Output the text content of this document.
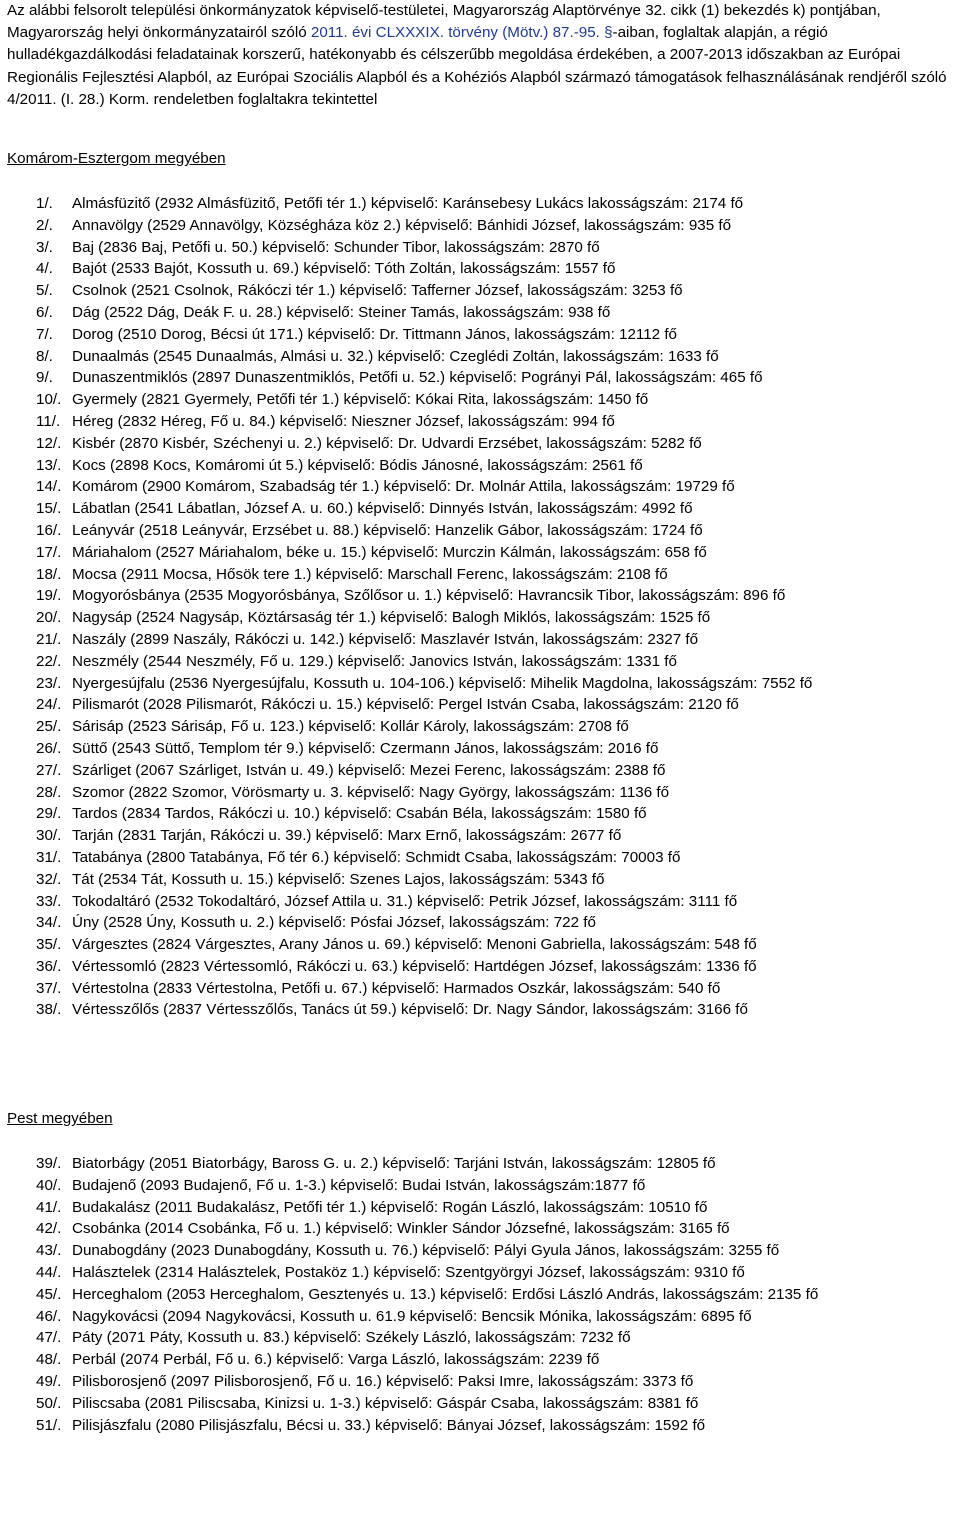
Az alábbi felsorolt települési önkormányzatok képviselő-testületei, Magyarország Alaptörvénye 32. cikk (1) bekezdés k) pontjában, Magyarország helyi önkormányzatairól szóló 2011. évi CLXXXIX. törvény (Mötv.) 87.-95. §-aiban, foglaltak alapján, a régió hulladékgazdálkodási feladatainak korszerű, hatékonyabb és célszerűbb megoldása érdekében, a 2007-2013 időszakban az Európai Regionális Fejlesztési Alapból, az Európai Szociális Alapból és a Kohéziós Alapból származó támogatások felhasználásának rendjéről szóló 4/2011. (I. 28.) Korm. rendeletben foglaltakra tekintettel
Komárom-Esztergom megyében
1/. Almásfüzitő (2932 Almásfüzitő, Petőfi tér 1.) képviselő: Karánsebesy Lukács lakosságszám: 2174 fő
2/. Annavölgy (2529 Annavölgy, Községháza köz 2.) képviselő: Bánhidi József, lakosságszám: 935 fő
3/. Baj (2836 Baj, Petőfi u. 50.) képviselő: Schunder Tibor, lakosságszám: 2870 fő
4/. Bajót (2533 Bajót, Kossuth u. 69.) képviselő: Tóth Zoltán, lakosságszám: 1557 fő
5/. Csolnok (2521 Csolnok, Rákóczi tér 1.) képviselő: Tafferner József, lakosságszám: 3253 fő
6/. Dág (2522 Dág, Deák F. u. 28.) képviselő: Steiner Tamás, lakosságszám: 938 fő
7/. Dorog (2510 Dorog, Bécsi út 171.) képviselő: Dr. Tittmann János, lakosságszám: 12112 fő
8/. Dunaalmás (2545 Dunaalmás, Almási u. 32.) képviselő: Czeglédi Zoltán, lakosságszám: 1633 fő
9/. Dunaszentmiklós (2897 Dunaszentmiklós, Petőfi u. 52.) képviselő: Pogrányi Pál, lakosságszám: 465 fő
10/. Gyermely (2821 Gyermely, Petőfi tér 1.) képviselő: Kókai Rita, lakosságszám: 1450 fő
11/. Héreg (2832 Héreg, Fő u. 84.) képviselő: Nieszner József, lakosságszám: 994 fő
12/. Kisbér (2870 Kisbér, Széchenyi u. 2.) képviselő: Dr. Udvardi Erzsébet, lakosságszám: 5282 fő
13/. Kocs (2898 Kocs, Komáromi út 5.) képviselő: Bódis Jánosné, lakosságszám: 2561 fő
14/. Komárom (2900 Komárom, Szabadság tér 1.) képviselő: Dr. Molnár Attila, lakosságszám: 19729 fő
15/. Lábatlan (2541 Lábatlan, József A. u. 60.) képviselő: Dinnyés István, lakosságszám: 4992 fő
16/. Leányvár (2518 Leányvár, Erzsébet u. 88.) képviselő: Hanzelik Gábor, lakosságszám: 1724 fő
17/. Máriahalom (2527 Máriahalom, béke u. 15.) képviselő: Murczin Kálmán, lakosságszám: 658 fő
18/. Mocsa (2911 Mocsa, Hősök tere 1.) képviselő: Marschall Ferenc, lakosságszám: 2108 fő
19/. Mogyorósbánya (2535 Mogyorósbánya, Szőlősor u. 1.) képviselő: Havrancsik Tibor, lakosságszám: 896 fő
20/. Nagysáp (2524 Nagysáp, Köztársaság tér 1.) képviselő: Balogh Miklós, lakosságszám: 1525 fő
21/. Naszály (2899 Naszály, Rákóczi u. 142.) képviselő: Maszlavér István, lakosságszám: 2327 fő
22/. Neszmély (2544 Neszmély, Fő u. 129.) képviselő: Janovics István, lakosságszám: 1331 fő
23/. Nyergesújfalu (2536 Nyergesújfalu, Kossuth u. 104-106.) képviselő: Mihelik Magdolna, lakosságszám: 7552 fő
24/. Pilismarót (2028 Pilismarót, Rákóczi u. 15.) képviselő: Pergel István Csaba, lakosságszám: 2120 fő
25/. Sárisáp (2523 Sárisáp, Fő u. 123.) képviselő: Kollár Károly, lakosságszám: 2708 fő
26/. Süttő (2543 Süttő, Templom tér 9.) képviselő: Czermann János, lakosságszám: 2016 fő
27/. Szárliget (2067 Szárliget, István u. 49.) képviselő: Mezei Ferenc, lakosságszám: 2388 fő
28/. Szomor (2822 Szomor, Vörösmarty u. 3. képviselő: Nagy György, lakosságszám: 1136 fő
29/. Tardos (2834 Tardos, Rákóczi u. 10.) képviselő: Csabán Béla, lakosságszám: 1580 fő
30/. Tarján (2831 Tarján, Rákóczi u. 39.) képviselő: Marx Ernő, lakosságszám: 2677 fő
31/. Tatabánya (2800 Tatabánya, Fő tér 6.) képviselő: Schmidt Csaba, lakosságszám: 70003 fő
32/. Tát (2534 Tát, Kossuth u. 15.) képviselő: Szenes Lajos, lakosságszám: 5343 fő
33/. Tokodaltáró (2532 Tokodaltáró, József Attila u. 31.) képviselő: Petrik József, lakosságszám: 3111 fő
34/. Úny (2528 Úny, Kossuth u. 2.) képviselő: Pósfai József, lakosságszám: 722 fő
35/. Várgesztes (2824 Várgesztes, Arany János u. 69.) képviselő: Menoni Gabriella, lakosságszám: 548 fő
36/. Vértessomló (2823 Vértessomló, Rákóczi u. 63.) képviselő: Hartdégen József, lakosságszám: 1336 fő
37/. Vértestolna (2833 Vértestolna, Petőfi u. 67.) képviselő: Harmados Oszkár, lakosságszám: 540 fő
38/. Vértesszőlős (2837 Vértesszőlős, Tanács út 59.) képviselő: Dr. Nagy Sándor, lakosságszám: 3166 fő
Pest megyében
39/. Biatorbágy (2051 Biatorbágy, Baross G. u. 2.) képviselő: Tarjáni István, lakosságszám: 12805 fő
40/. Budajenő (2093 Budajenő, Fő u. 1-3.) képviselő: Budai István, lakosságszám:1877 fő
41/. Budakalász (2011 Budakalász, Petőfi tér 1.) képviselő: Rogán László, lakosságszám: 10510 fő
42/. Csobánka (2014 Csobánka, Fő u. 1.) képviselő: Winkler Sándor Józsefné, lakosságszám: 3165 fő
43/. Dunabogdány (2023 Dunabogdány, Kossuth u. 76.) képviselő: Pályi Gyula János, lakosságszám: 3255 fő
44/. Halásztelek (2314 Halásztelek, Postaköz 1.) képviselő: Szentgyörgyi József, lakosságszám: 9310 fő
45/. Herceghalom (2053 Herceghalom, Gesztenyés u. 13.) képviselő: Erdősi László András, lakosságszám: 2135 fő
46/. Nagykovácsi (2094 Nagykovácsi, Kossuth u. 61.9 képviselő: Bencsik Mónika, lakosságszám: 6895 fő
47/. Páty (2071 Páty, Kossuth u. 83.) képviselő: Székely László, lakosságszám: 7232 fő
48/. Perbál (2074 Perbál, Fő u. 6.) képviselő: Varga László, lakosságszám: 2239 fő
49/. Pilisborosjenő (2097 Pilisborosjenő, Fő u. 16.) képviselő: Paksi Imre, lakosságszám: 3373 fő
50/. Piliscsaba (2081 Piliscsaba, Kinizsi u. 1-3.) képviselő: Gáspár Csaba, lakosságszám: 8381 fő
51/. Pilisjászfalu (2080 Pilisjászfalu, Bécsi u. 33.) képviselő: Bányai József, lakosságszám: 1592 fő
